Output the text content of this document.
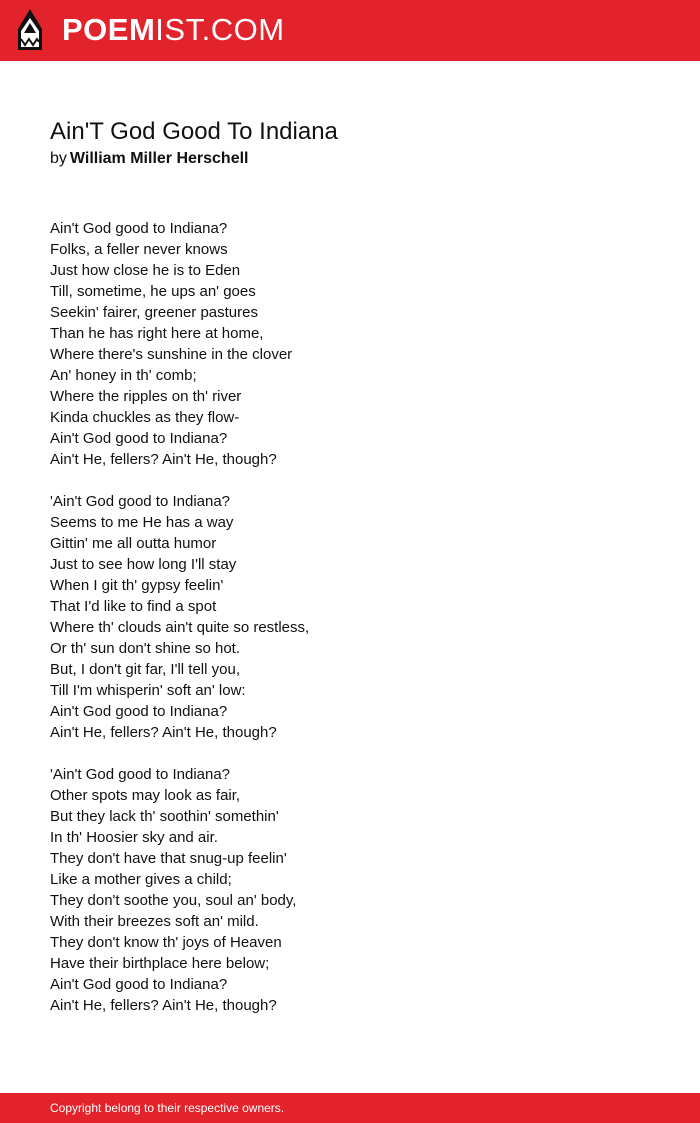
POEMIST.COM
Ain'T God Good To Indiana
by William Miller Herschell
Ain't God good to Indiana?
Folks, a feller never knows
Just how close he is to Eden
Till, sometime, he ups an' goes
Seekin' fairer, greener pastures
Than he has right here at home,
Where there's sunshine in the clover
An' honey in th' comb;
Where the ripples on th' river
Kinda chuckles as they flow-
Ain't God good to Indiana?
Ain't He, fellers? Ain't He, though?
'Ain't God good to Indiana?
Seems to me He has a way
Gittin' me all outta humor
Just to see how long I'll stay
When I git th' gypsy feelin'
That I'd like to find a spot
Where th' clouds ain't quite so restless,
Or th' sun don't shine so hot.
But, I don't git far, I'll tell you,
Till I'm whisperin' soft an' low:
Ain't God good to Indiana?
Ain't He, fellers? Ain't He, though?
'Ain't God good to Indiana?
Other spots may look as fair,
But they lack th' soothin' somethin'
In th' Hoosier sky and air.
They don't have that snug-up feelin'
Like a mother gives a child;
They don't soothe you, soul an' body,
With their breezes soft an' mild.
They don't know th' joys of Heaven
Have their birthplace here below;
Ain't God good to Indiana?
Ain't He, fellers? Ain't He, though?
Copyright belong to their respective owners.
